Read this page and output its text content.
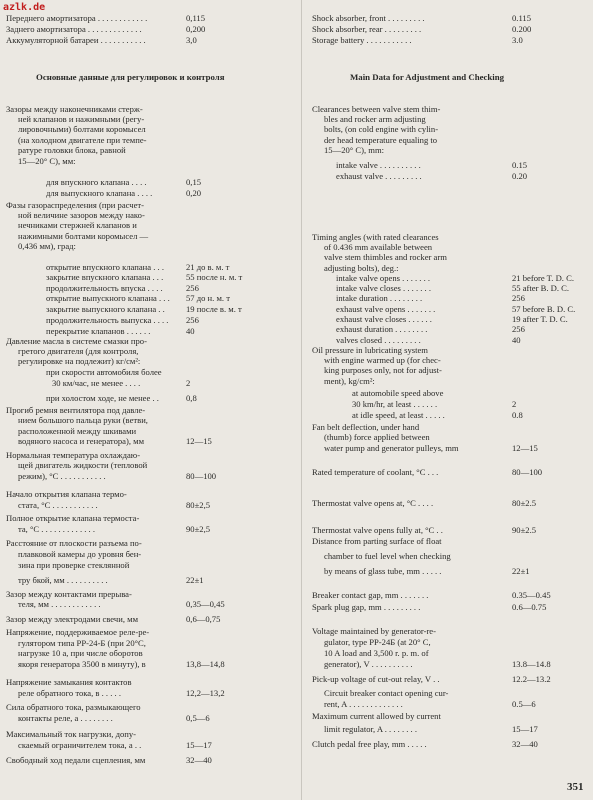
azlk.de
Основные данные для регулировок и контроля
Переднего амортизатора . . . . . . . . . . . .	0,115
Заднего амортизатора . . . . . . . . . . . . .	0,200
Аккумуляторной батареи . . . . . . . . . . .	3,0
Зазоры между наконечниками стерж-
ней клапанов и нажимными (регу-
лировочными) болтами коромысел
(на холодном двигателе при темпе-
ратуре головки блока, равной
15—20° С), мм:
для впускного клапана . . . .	0,15
для выпускного клапана . . . .	0,20
Фазы газораспределения (при расчет-
ной величине зазоров между нако-
нечниками стержней клапанов и
нажимными болтами коромысел —
0,436 мм), град:
открытие впускного клапана . . .	21 до в. м. т
закрытие впускного клапана . . .	55 после н. м. т
продолжительность впуска . . . .	256
открытие выпускного клапана . . . 57 до н. м. т
закрытие выпускного клапана . . 19 после в. м. т
продолжительность выпуска . . . . 256
перекрытие клапанов . . . . . .	40
Давление масла в системе смазки про-
гретого двигателя (для контроля,
регулировке на подлежит) кг/см²:
при скорости автомобиля более
30 км/час, не менее . . . .	2
при холостом ходе, не менее . .	0,8
Прогиб ремня вентилятора под давле-
нием большого пальца руки (ветви,
расположенной между шкивами
водяного насоса и генератора), мм	12—15
Нормальная температура охлаждаю-
щей двигатель жидкости (тепловой
режим), °С . . . . . . . . . . .	80—100
Начало открытия клапана термо-
стата, °С . . . . . . . . . . .	80±2,5
Полное открытие клапана термоста-
та, °С . . . . . . . . . . . . .	90±2,5
Расстояние от плоскости разъема по-
плавковой камеры до уровня бен-
зина при проверке стеклянной
тру бкой, мм . . . . . . . . . .	22±1
Зазор между контактами прерыва-
теля, мм . . . . . . . . . . . .	0,35—0,45
Зазор между электродами свечи, мм	0,6—0,75
Напряжение, поддерживаемое реле-ре-
гулятором типа РР-24-Б (при 20°С,
нагрузке 10 а, при числе оборотов
якоря генератора 3500 в минуту), в	13,8—14,8
Напряжение замыкания контактов
реле обратного тока, в . . . . .	12,2—13,2
Сила обратного тока, размыкающего
контакты реле, а . . . . . . . .	0,5—6
Максимальный ток нагрузки, допу-
скаемый ограничителем тока, а . .	15—17
Свободный ход педали сцепления, мм	32—40
Main Data for Adjustment and Checking
Shock absorber, front . . . . . . . . .	0.115
Shock absorber, rear . . . . . . . . .	0.200
Storage battery . . . . . . . . . . .	3.0
Clearances between valve stem thim-
bles and rocker arm adjusting
bolts, (on cold engine with cylin-
der head temperature equaling to
15—20° C), mm:
intake valve . . . . . . . . . .	0.15
exhaust valve . . . . . . . . .	0.20
Timing angles (with rated clearances
of 0.436 mm available between
valve stem thimbles and rocker arm
adjusting bolts), deg.:
intake valve opens . . . . . . .	21 before T. D. C.
intake valve closes . . . . . . .	55 after B. D. C.
intake duration . . . . . . . .	256
exhaust valve opens . . . . . . .	57 before B. D. C.
exhaust valve closes . . . . . .	19 after T. D. C.
exhaust duration . . . . . . . .	256
valves closed . . . . . . . . .	40
Oil pressure in lubricating system
with engine warmed up (for chec-
king purposes only, not for adjust-
ment), kg/cm²:
at automobile speed above
30 km/hr, at least . . . . . .	2
at idle speed, at least . . . . .	0.8
Fan belt deflection, under hand
(thumb) force applied between
water pump and generator pulleys, mm	12—15
Rated temperature of coolant, °C . . .	80—100
Thermostat valve opens at, °C . . . .	80±2.5
Thermostat valve opens fully at, °C . .	90±2.5
Distance from parting surface of float
chamber to fuel level when checking
by means of glass tube, mm . . . . .	22±1
Breaker contact gap, mm . . . . . . .	0.35—0.45
Spark plug gap, mm . . . . . . . . .	0.6—0.75
Voltage maintained by generator-re-
gulator, type PP-24Б (at 20° C,
10 A load and 3,500 r. p. m. of
generator), V . . . . . . . . . .	13.8—14.8
Pick-up voltage of cut-out relay, V . .	12.2—13.2
Circuit breaker contact opening cur-
rent, A . . . . . . . . . . . . .	0.5—6
Maximum current allowed by current
limit regulator, A . . . . . . . .	15—17
Clutch pedal free play, mm . . . . .	32—40
351
